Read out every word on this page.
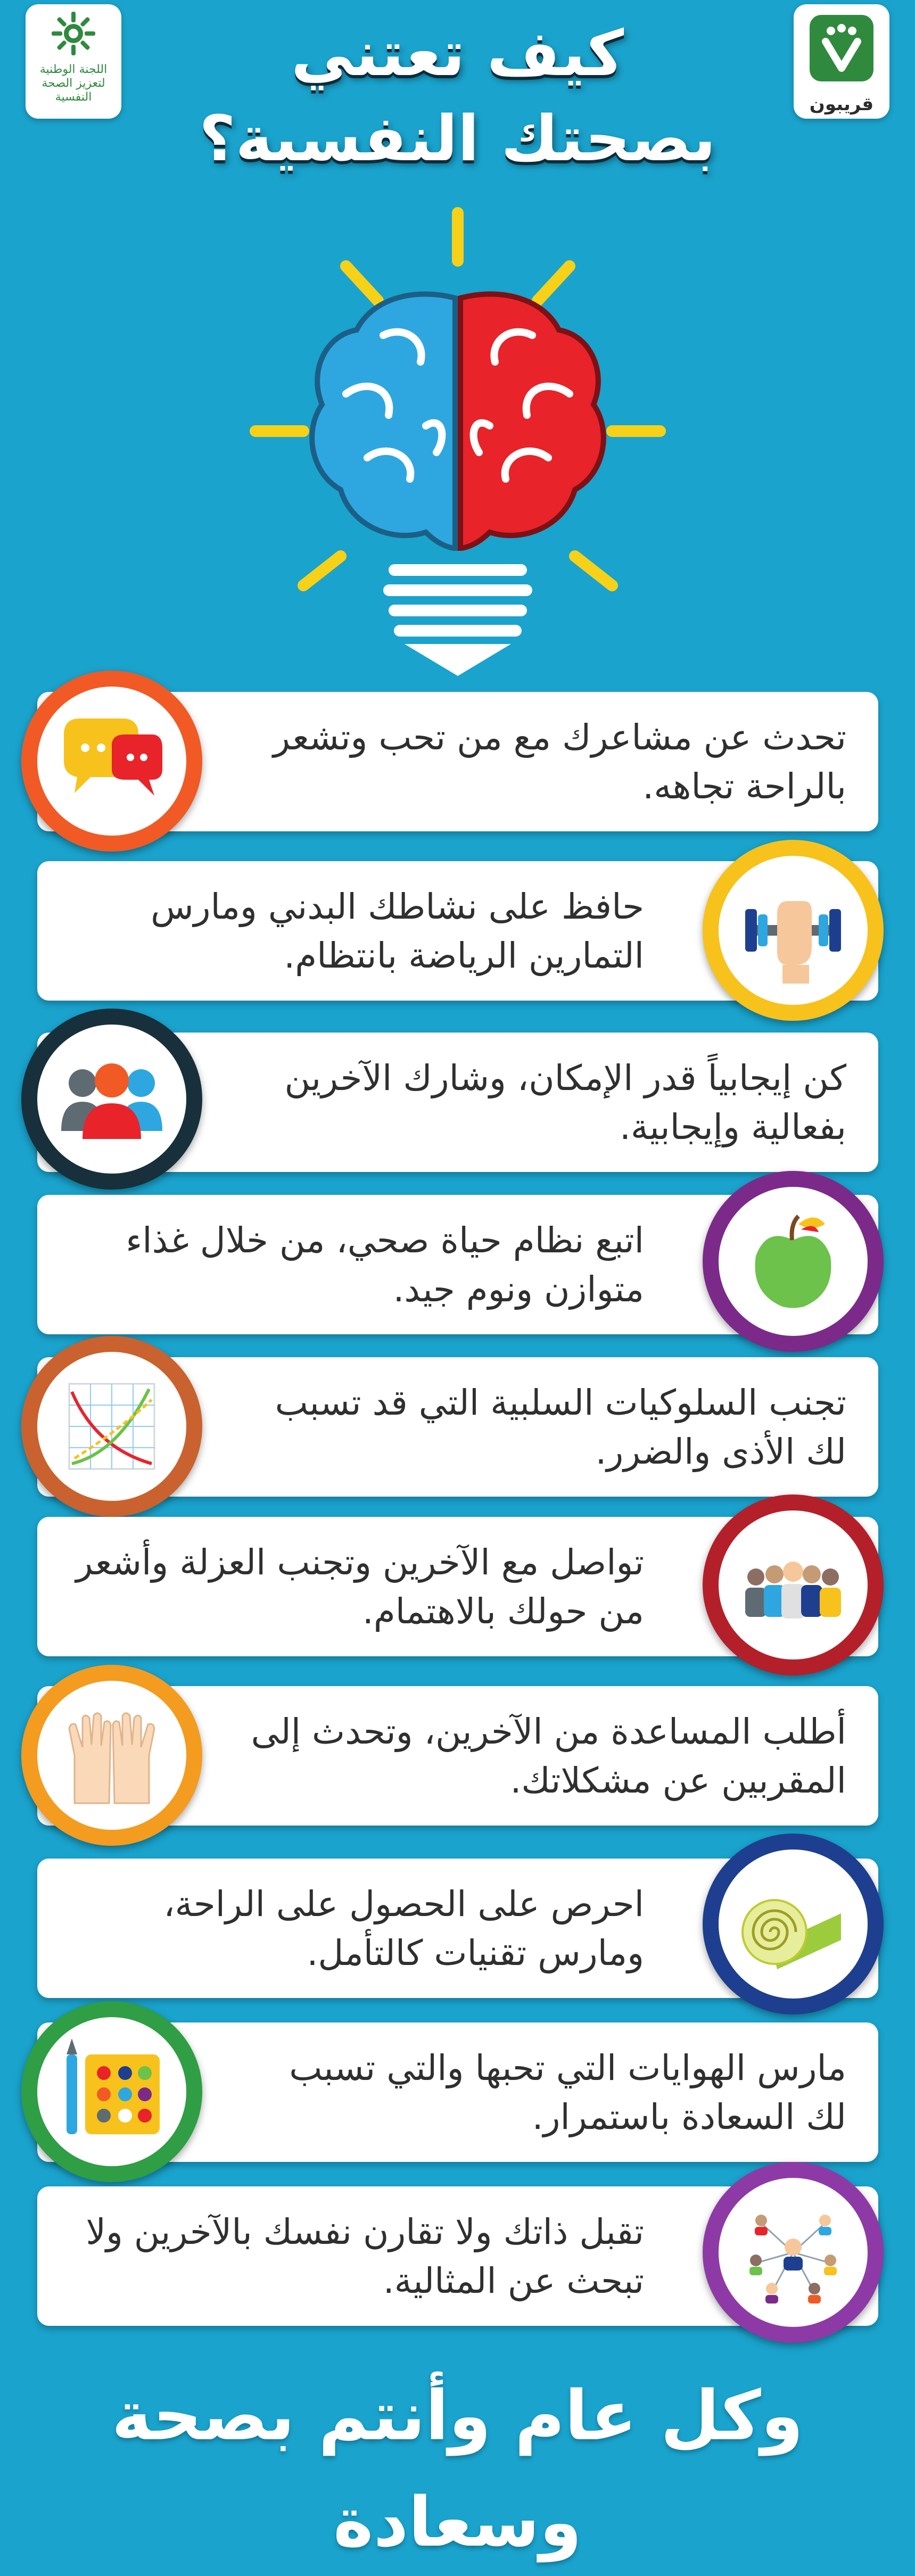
اللجنة الوطنية لتعزيز الصحة النفسية	قريبون
كيف تعتني
بصحتك النفسية؟
تحدث عن مشاعرك مع من تحب وتشعر بالراحة تجاهه.
حافظ على نشاطك البدني ومارس التمارين الرياضة بانتظام.
كن إيجابياً قدر الإمكان، وشارك الآخرين بفعالية وإيجابية.
اتبع نظام حياة صحي، من خلال غذاء متوازن ونوم جيد.
تجنب السلوكيات السلبية التي قد تسبب لك الأذى والضرر.
تواصل مع الآخرين وتجنب العزلة وأشعر من حولك بالاهتمام.
أطلب المساعدة من الآخرين، وتحدث إلى المقربين عن مشكلاتك.
احرص على الحصول على الراحة، ومارس تقنيات كالتأمل.
مارس الهوايات التي تحبها والتي تسبب لك السعادة باستمرار.
تقبل ذاتك ولا تقارن نفسك بالآخرين ولا تبحث عن المثالية.
وكل عام وأنتم بصحة وسعادة
